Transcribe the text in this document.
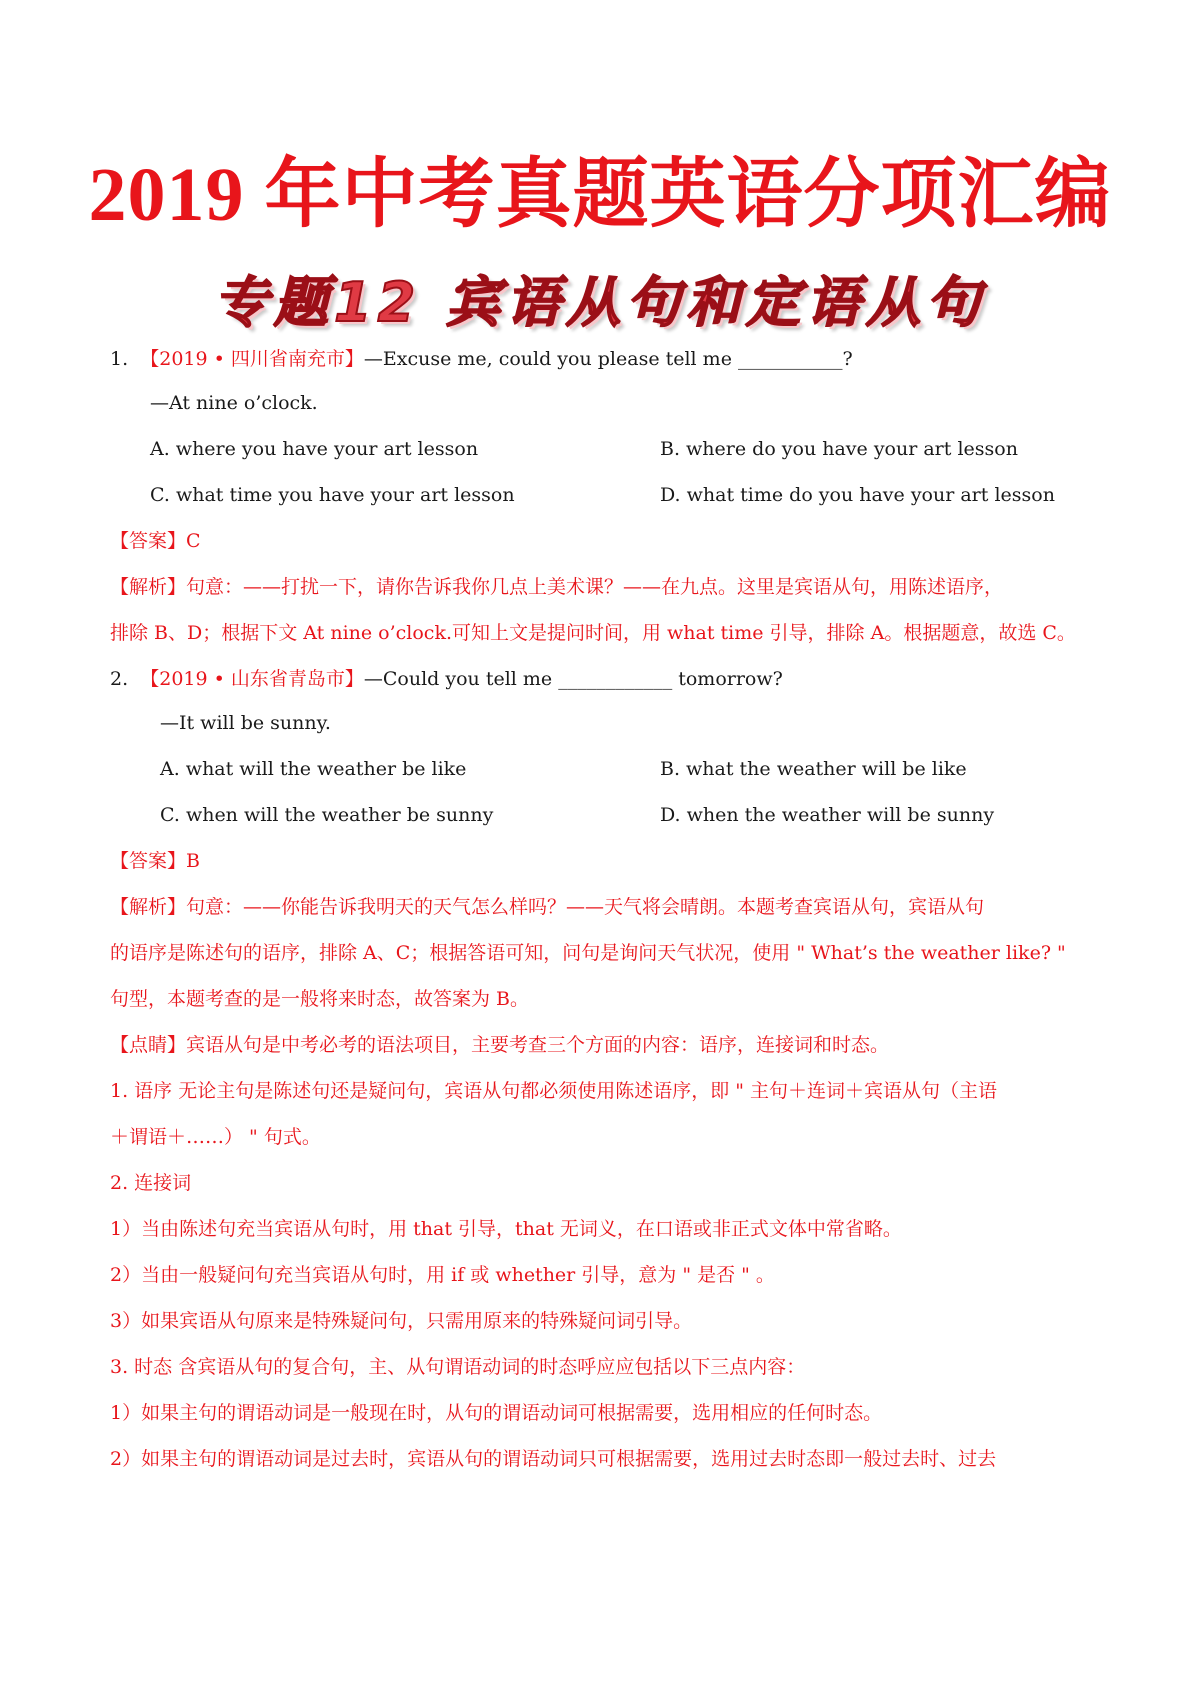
2019 年中考真题英语分项汇编
专题12 宾语从句和定语从句
1. 【2019 • 四川省南充市】—Excuse me, could you please tell me ___________?
—At nine o’clock.
A. where you have your art lesson	B. where do you have your art lesson
C. what time you have your art lesson	D. what time do you have your art lesson
【答案】C
【解析】句意：——打扰一下，请你告诉我你几点上美术课？——在九点。这里是宾语从句，用陈述语序，
排除 B、D；根据下文 At nine o’clock.可知上文是提问时间，用 what time 引导，排除 A。根据题意，故选 C。
2. 【2019 • 山东省青岛市】—Could you tell me ____________ tomorrow?
—It will be sunny.
A. what will the weather be like	B. what the weather will be like
C. when will the weather be sunny	D. when the weather will be sunny
【答案】B
【解析】句意：——你能告诉我明天的天气怎么样吗？——天气将会晴朗。本题考查宾语从句，宾语从句
的语序是陈述句的语序，排除 A、C；根据答语可知，问句是询问天气状况，使用 " What’s the weather like? "
句型，本题考查的是一般将来时态，故答案为 B。
【点睛】宾语从句是中考必考的语法项目，主要考查三个方面的内容：语序，连接词和时态。
1. 语序 无论主句是陈述句还是疑问句，宾语从句都必须使用陈述语序，即 " 主句＋连词＋宾语从句（主语
＋谓语＋……） " 句式。
2. 连接词
1）当由陈述句充当宾语从句时，用 that 引导，that 无词义，在口语或非正式文体中常省略。
2）当由一般疑问句充当宾语从句时，用 if 或 whether 引导，意为 " 是否 " 。
3）如果宾语从句原来是特殊疑问句，只需用原来的特殊疑问词引导。
3. 时态 含宾语从句的复合句，主、从句谓语动词的时态呼应应包括以下三点内容：
1）如果主句的谓语动词是一般现在时，从句的谓语动词可根据需要，选用相应的任何时态。
2）如果主句的谓语动词是过去时，宾语从句的谓语动词只可根据需要，选用过去时态即一般过去时、过去
